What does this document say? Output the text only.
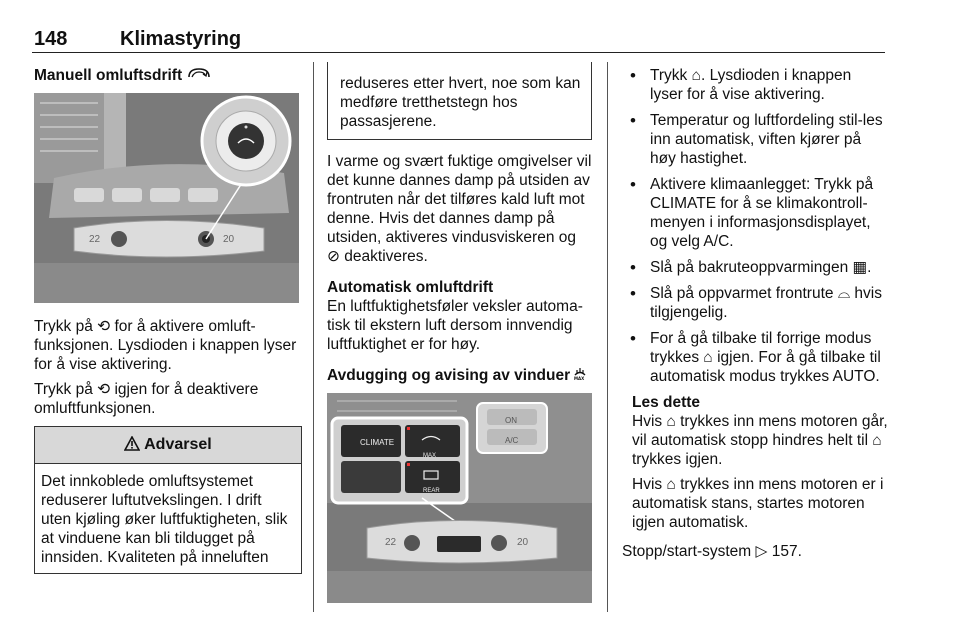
148	Klimastyring
Manuell omluftsdrift
22	20

Trykk på ⟲ for å aktivere omluft-funksjonen. Lysdioden i knappen lyser for å vise aktivering.

Trykk på ⟲ igjen for å deaktivere omluftfunksjonen.

Advarsel
Det innkoblede omluftsystemet reduserer luftutvekslingen. I drift uten kjøling øker luftfuktigheten, slik at vinduene kan bli tildugget på innsiden. Kvaliteten på inneluften
reduseres etter hvert, noe som kan medføre tretthetstegn hos passasjerene.

I varme og svært fuktige omgivelser vil det kunne dannes damp på utsiden av frontruten når det tilføres kald luft mot denne. Hvis det dannes damp på utsiden, aktiveres vindusviskeren og ⊘ deaktiveres.

Automatisk omluftdrift

En luftfuktighetsføler veksler automa-tisk til ekstern luft dersom innvendig luftfuktighet er for høy.

Avdugging og avising av vinduer MAX
CLIMATE
MAX
REAR
ON
A/C
22	20
• Trykk ⌂. Lysdioden i knappen lyser for å vise aktivering.
• Temperatur og luftfordeling stil-les inn automatisk, viften kjører på høy hastighet.
• Aktivere klimaanlegget: Trykk på CLIMATE for å se klimakontroll-menyen i informasjonsdisplayet, og velg A/C.
• Slå på bakruteoppvarmingen ▦.
• Slå på oppvarmet frontrute ⌓ hvis tilgjengelig.
• For å gå tilbake til forrige modus trykkes ⌂ igjen. For å gå tilbake til automatisk modus trykkes AUTO.

Les dette

Hvis ⌂ trykkes inn mens motoren går, vil automatisk stopp hindres helt til ⌂ trykkes igjen.

Hvis ⌂ trykkes inn mens motoren er i automatisk stans, startes motoren igjen automatisk.

Stopp/start-system ▷ 157.
